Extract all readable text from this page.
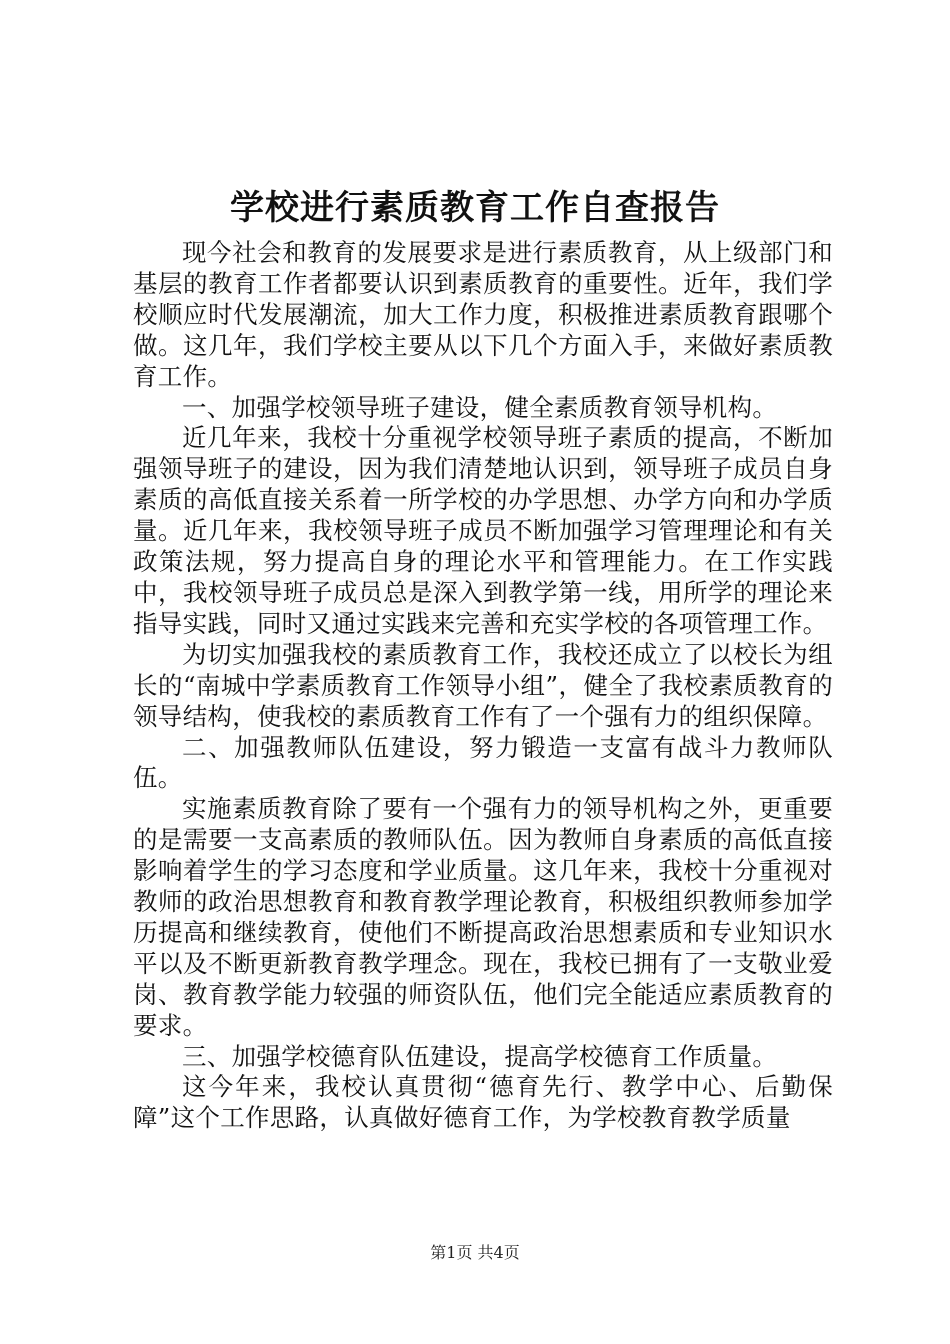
学校进行素质教育工作自查报告

现今社会和教育的发展要求是进行素质教育，从上级部门和基层的教育工作者都要认识到素质教育的重要性。近年，我们学校顺应时代发展潮流，加大工作力度，积极推进素质教育跟哪个做。这几年，我们学校主要从以下几个方面入手，来做好素质教育工作。

一、加强学校领导班子建设，健全素质教育领导机构。

近几年来，我校十分重视学校领导班子素质的提高，不断加强领导班子的建设，因为我们清楚地认识到，领导班子成员自身素质的高低直接关系着一所学校的办学思想、办学方向和办学质量。近几年来，我校领导班子成员不断加强学习管理理论和有关政策法规，努力提高自身的理论水平和管理能力。在工作实践中，我校领导班子成员总是深入到教学第一线，用所学的理论来指导实践，同时又通过实践来完善和充实学校的各项管理工作。

为切实加强我校的素质教育工作，我校还成立了以校长为组长的“南城中学素质教育工作领导小组”，健全了我校素质教育的领导结构，使我校的素质教育工作有了一个强有力的组织保障。

二、加强教师队伍建设，努力锻造一支富有战斗力教师队伍。

实施素质教育除了要有一个强有力的领导机构之外，更重要的是需要一支高素质的教师队伍。因为教师自身素质的高低直接影响着学生的学习态度和学业质量。这几年来，我校十分重视对教师的政治思想教育和教育教学理论教育，积极组织教师参加学历提高和继续教育，使他们不断提高政治思想素质和专业知识水平以及不断更新教育教学理念。现在，我校已拥有了一支敬业爱岗、教育教学能力较强的师资队伍，他们完全能适应素质教育的要求。

三、加强学校德育队伍建设，提高学校德育工作质量。

这今年来，我校认真贯彻“德育先行、教学中心、后勤保障”这个工作思路，认真做好德育工作，为学校教育教学质量

第1页 共4页
